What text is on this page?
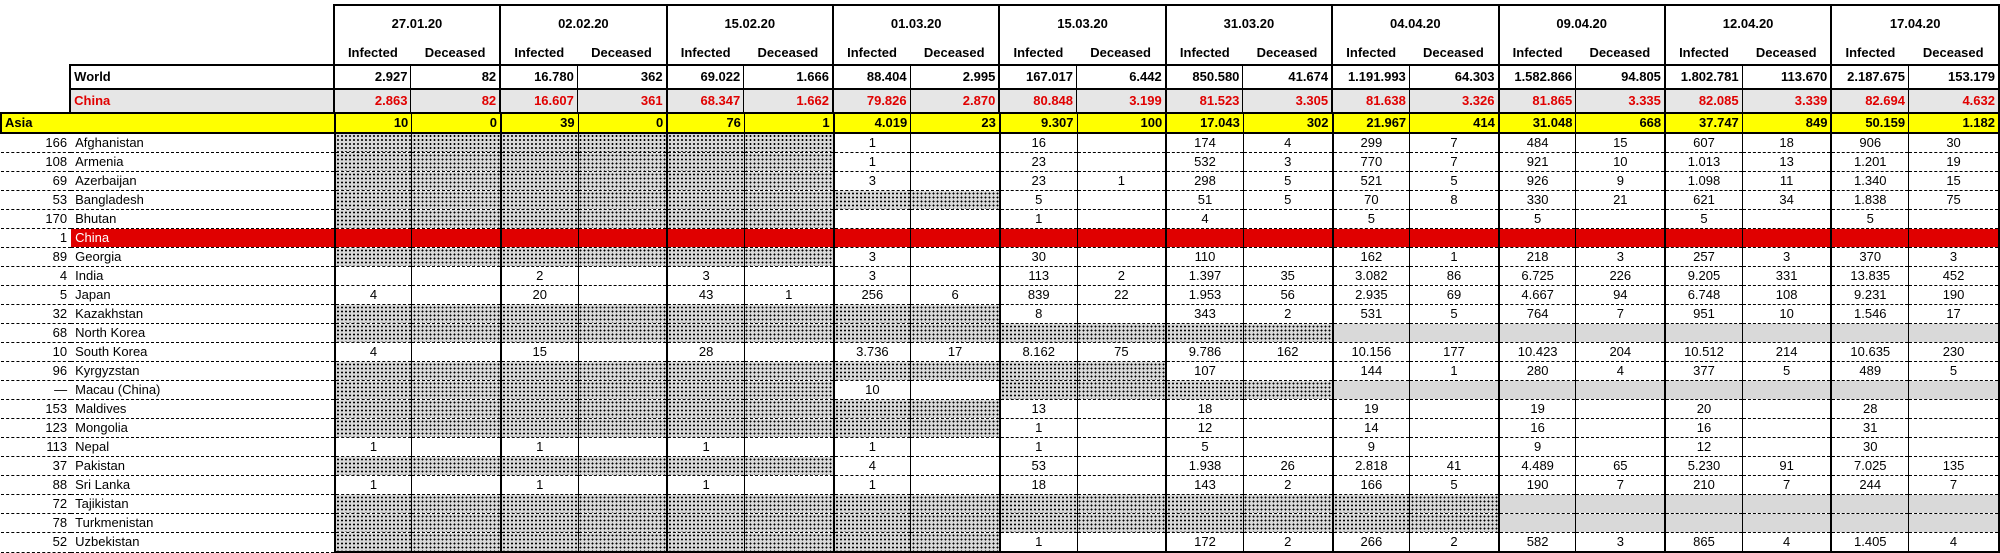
		27.01.20		02.02.20		15.02.20		01.03.20		15.03.20		31.03.20		04.04.20		09.04.20		12.04.20		17.04.20	
		Infected	Deceased	Infected	Deceased	Infected	Deceased	Infected	Deceased	Infected	Deceased	Infected	Deceased	Infected	Deceased	Infected	Deceased	Infected	Deceased	Infected	Deceased
	World	2.927	82	16.780	362	69.022	1.666	88.404	2.995	167.017	6.442	850.580	41.674	1.191.993	64.303	1.582.866	94.805	1.802.781	113.670	2.187.675	153.179
	China	2.863	82	16.607	361	68.347	1.662	79.826	2.870	80.848	3.199	81.523	3.305	81.638	3.326	81.865	3.335	82.085	3.339	82.694	4.632
Asia		10	0	39	0	76	1	4.019	23	9.307	100	17.043	302	21.967	414	31.048	668	37.747	849	50.159	1.182
166	Afghanistan							1		16		174	4	299	7	484	15	607	18	906	30
108	Armenia							1		23		532	3	770	7	921	10	1.013	13	1.201	19
69	Azerbaijan							3		23	1	298	5	521	5	926	9	1.098	11	1.340	15
53	Bangladesh									5		51	5	70	8	330	21	621	34	1.838	75
170	Bhutan									1		4		5		5		5		5	
1	China																				
89	Georgia							3		30		110		162	1	218	3	257	3	370	3
4	India			2		3		3		113	2	1.397	35	3.082	86	6.725	226	9.205	331	13.835	452
5	Japan	4		20		43	1	256	6	839	22	1.953	56	2.935	69	4.667	94	6.748	108	9.231	190
32	Kazakhstan									8		343	2	531	5	764	7	951	10	1.546	17
68	North Korea																				
10	South Korea	4		15		28		3.736	17	8.162	75	9.786	162	10.156	177	10.423	204	10.512	214	10.635	230
96	Kyrgyzstan											107		144	1	280	4	377	5	489	5
—	Macau (China)							10													
153	Maldives									13		18		19		19		20		28	
123	Mongolia									1		12		14		16		16		31	
113	Nepal	1		1		1		1		1		5		9		9		12		30	
37	Pakistan							4		53		1.938	26	2.818	41	4.489	65	5.230	91	7.025	135
88	Sri Lanka	1		1		1		1		18		143	2	166	5	190	7	210	7	244	7
72	Tajikistan																				
78	Turkmenistan																				
52	Uzbekistan									1		172	2	266	2	582	3	865	4	1.405	4
